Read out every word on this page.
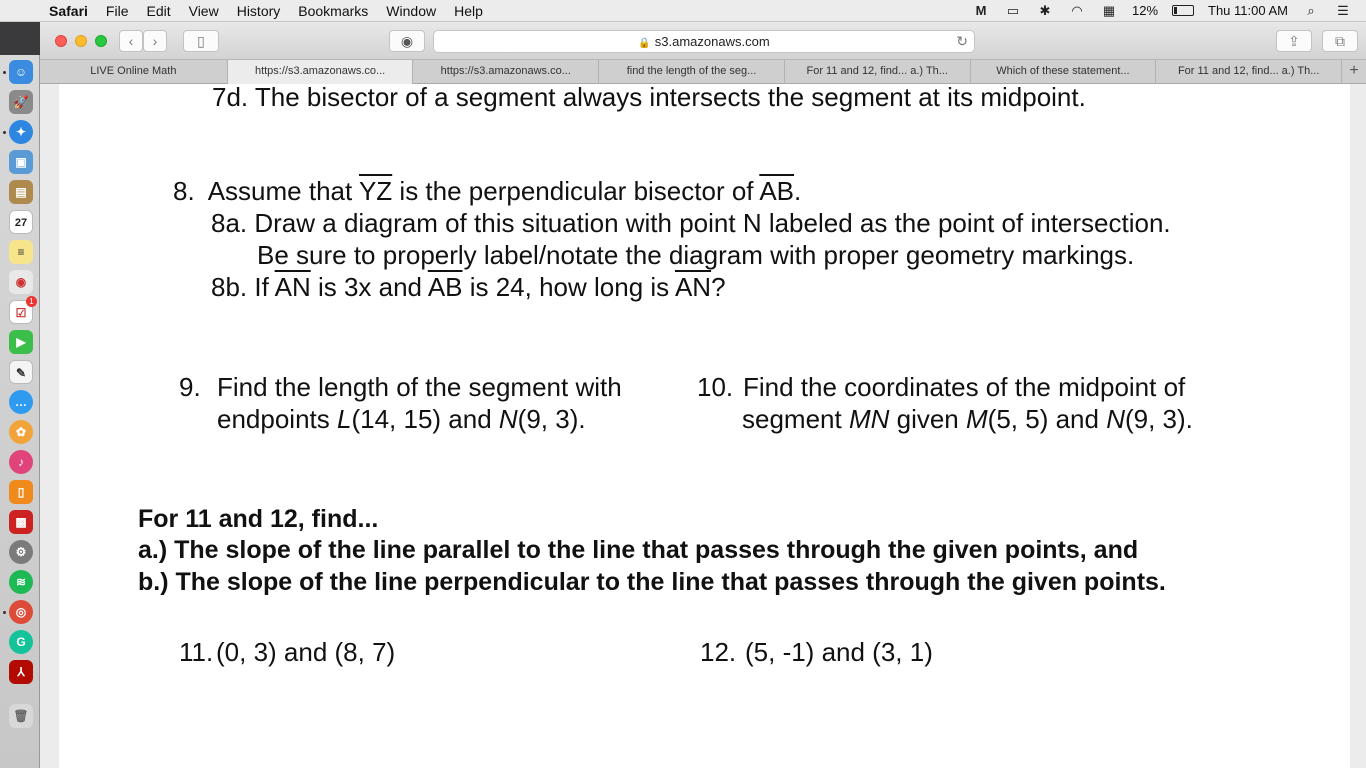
Safari	File	Edit	View	History	Bookmarks	Window	Help	M ▭ ✱ ◠ ▦ 12%	Thu 11:00 AM	⌕	☰
☺
🚀
✦
▣
▤
27
≡
◉
☑
1
▶
✎
…
✿
♪
▯
▩
⚙
≋
◎
G
⅄
🗑
‹	›	▯	◉	🔒 s3.amazonaws.com	↻	⇪	⧉
LIVE Online Math	https://s3.amazonaws.co...	https://s3.amazonaws.co...	find the length of the seg...	For 11 and 12, find... a.) Th...	Which of these statement...	For 11 and 12, find... a.) Th...	+
7d. The bisector of a segment always intersects the segment at its midpoint.
8. Assume that $\overline{YZ}$ is the perpendicular bisector of $\overline{AB}$.
8a. Draw a diagram of this situation with point N labeled as the point of intersection.
Be sure to properly label/notate the diagram with proper geometry markings.
8b. If $\overline{AN}$ is 3x and $\overline{AB}$ is 24, how long is $\overline{AN}$?
9. Find the length of the segment with
endpoints L(14, 15) and N(9, 3).
10. Find the coordinates of the midpoint of
segment MN given M(5, 5) and N(9, 3).
For 11 and 12, find...
a.) The slope of the line parallel to the line that passes through the given points, and
b.) The slope of the line perpendicular to the line that passes through the given points.
11. (0, 3) and (8, 7)	12. (5, -1) and (3, 1)
